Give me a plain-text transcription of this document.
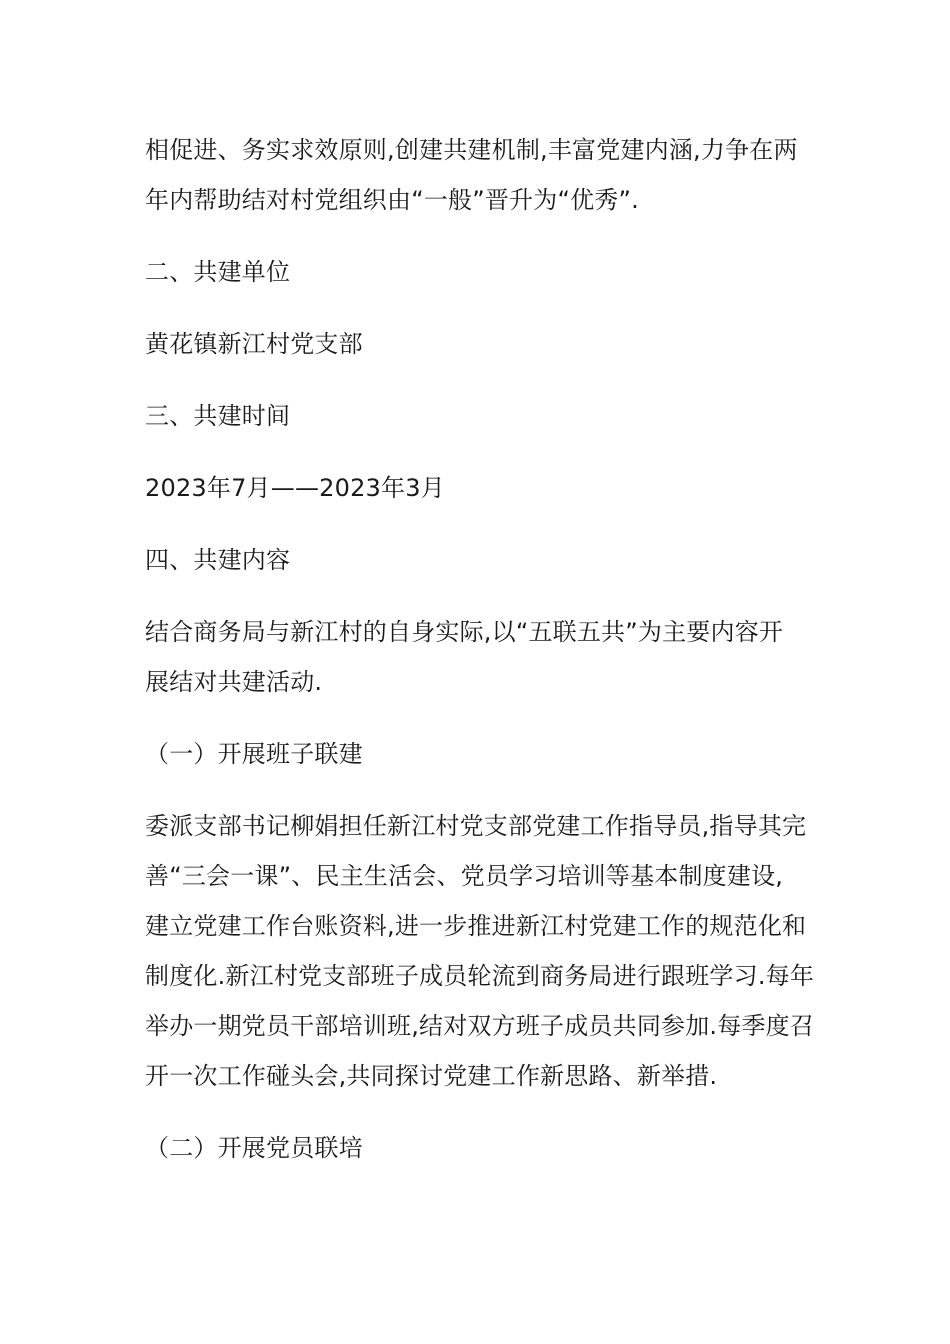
相促进、务实求效原则,创建共建机制,丰富党建内涵,力争在两
年内帮助结对村党组织由“一般”晋升为“优秀”.
二、共建单位
黄花镇新江村党支部
三、共建时间
2023年7月——2023年3月
四、共建内容
结合商务局与新江村的自身实际,以“五联五共”为主要内容开
展结对共建活动.
（一）开展班子联建
委派支部书记柳娟担任新江村党支部党建工作指导员,指导其完
善“三会一课”、民主生活会、党员学习培训等基本制度建设,
建立党建工作台账资料,进一步推进新江村党建工作的规范化和
制度化.新江村党支部班子成员轮流到商务局进行跟班学习.每年
举办一期党员干部培训班,结对双方班子成员共同参加.每季度召
开一次工作碰头会,共同探讨党建工作新思路、新举措.
（二）开展党员联培
